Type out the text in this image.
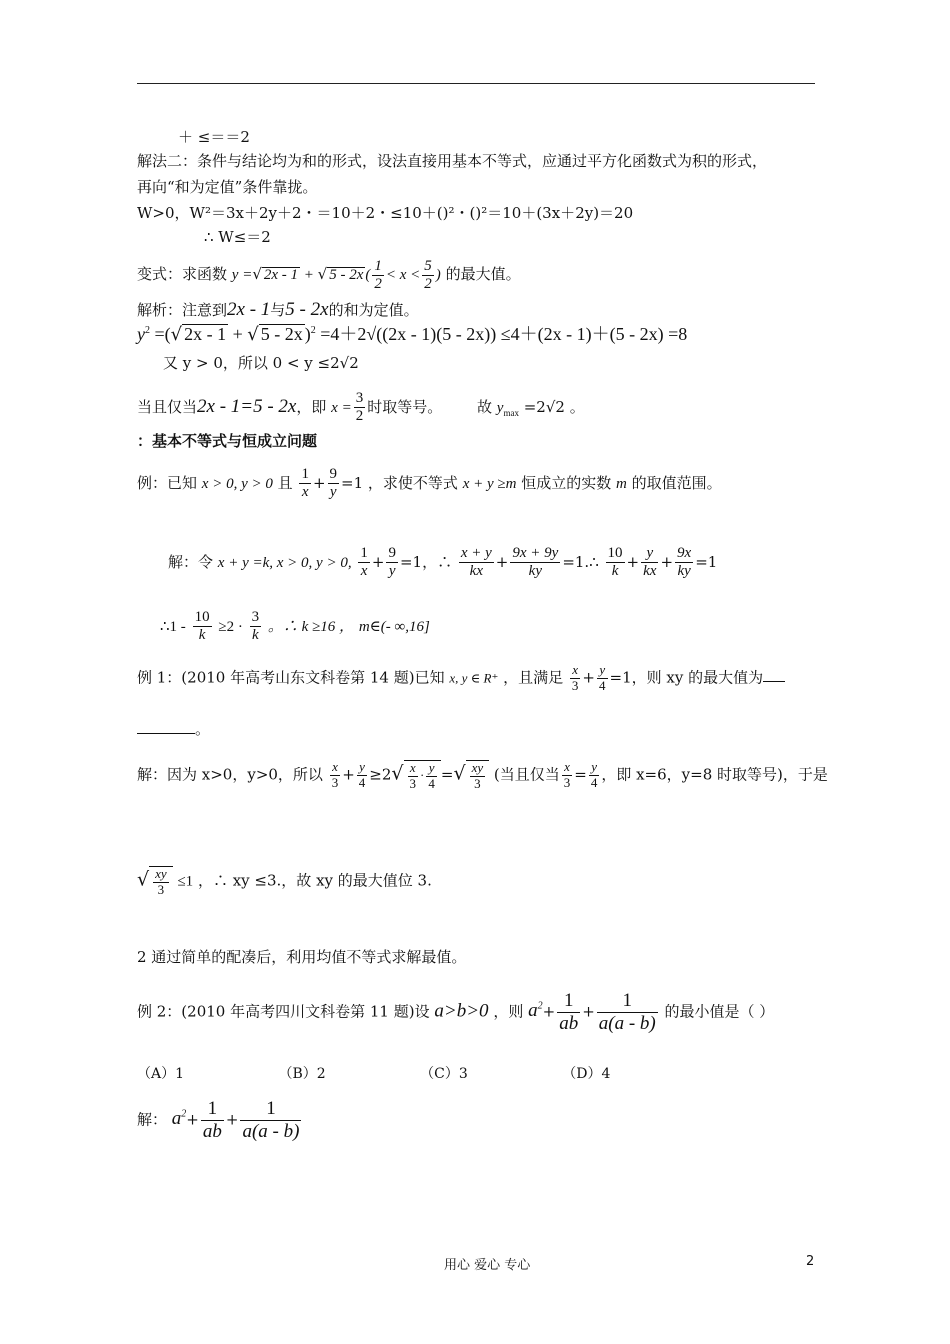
＋ ≤＝＝2
解法二：条件与结论均为和的形式，设法直接用基本不等式，应通过平方化函数式为积的形式，
再向“和为定值”条件靠拢。
W>0，W²＝3x＋2y＋2・＝10＋2・≤10＋()²・()²＝10＋(3x＋2y)＝20
∴ W≤＝2
变式：求函数 y =√ 2x - 1 + √ 5 - 2x ( $\frac{1}{2} < x < \frac{5}{2}$ ) 的最大值。
解析：注意到2x - 1与5 - 2x的和为定值。
$y^2$ =(√ 2x - 1 + √ 5 - 2x )$^2$ =4＋2√((2x - 1)(5 - 2x)) ≤4＋(2x - 1)＋(5 - 2x) =8
又 y > 0，所以 0 < y ≤2√2
当且仅当2x - 1=5 - 2x，即 $x = \frac{3}{2}$ 时取等号。 故 $y_{max} =2√2$ 。
：基本不等式与恒成立问题
例：已知 x > 0, y > 0 且 $\frac{1}{x} + \frac{9}{y} =1$ ，求使不等式 x + y ≥m 恒成立的实数 m 的取值范围。
解：令 x + y =k, x > 0, y > 0, $\frac{1}{x} + \frac{9}{y} =1$，∴ $\frac{x + y}{kx} + \frac{9x + 9y}{ky}$ =1.∴ $\frac{10}{k} + \frac{y}{kx} + \frac{9x}{ky} =1$
∴1 - $\frac{10}{k} \ge 2 \cdot \frac{3}{k}$ 。∴ k ≥16 ， m∈(- ∞,16]
例 1：(2010 年高考山东文科卷第 14 题)已知 x, y ∈ R⁺ ，且满足 $\frac{x}{3} + \frac{y}{4} =1$，则 xy 的最大值为
。
解：因为 x>0，y>0，所以 $\frac{x}{3} + \frac{y}{4} \ge 2√ \frac{x}{3} \cdot \frac{y}{4}$ =√ $\frac{xy}{3}$ (当且仅当 $\frac{x}{3} = \frac{y}{4}$ ，即 x=6，y=8 时取等号)，于是
√ $\frac{xy}{3} \le 1$ ，∴ xy ≤3.，故 xy 的最大值位 3.
2 通过简单的配凑后，利用均值不等式求解最值。
例 2：(2010 年高考四川文科卷第 11 题)设 a>b>0 ，则 $a^2+ \frac{1}{ab} + \frac{1}{a(a - b)}$ 的最小值是（ ）
（A）1	（B）2	（C）3	（D）4
解： $a^2+ \frac{1}{ab} + \frac{1}{a(a - b)}$
用心 爱心 专心	2
